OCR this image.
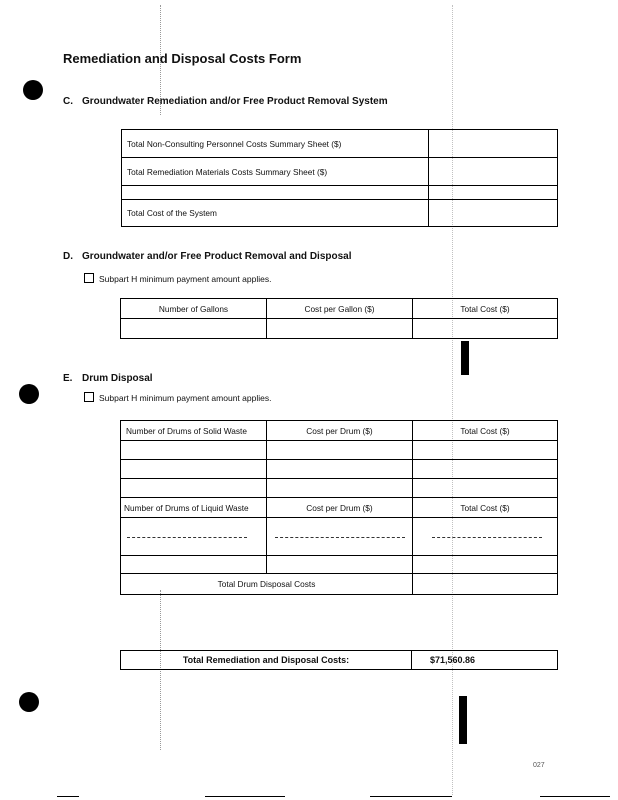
Remediation and Disposal Costs Form
C. Groundwater Remediation and/or Free Product Removal System
Total Non-Consulting Personnel Costs Summary Sheet ($)	
Total Remediation Materials Costs Summary Sheet ($)	

Total Cost of the System	
D. Groundwater and/or Free Product Removal and Disposal
Subpart H minimum payment amount applies.
Number of Gallons	Cost per Gallon ($)	Total Cost ($)

E. Drum Disposal
Subpart H minimum payment amount applies.
Number of Drums of Solid Waste	Cost per Drum ($)	Total Cost ($)

Number of Drums of Liquid Waste	Cost per Drum ($)	Total Cost ($)

Total Drum Disposal Costs		
Total Remediation and Disposal Costs:	$71,560.86
027
